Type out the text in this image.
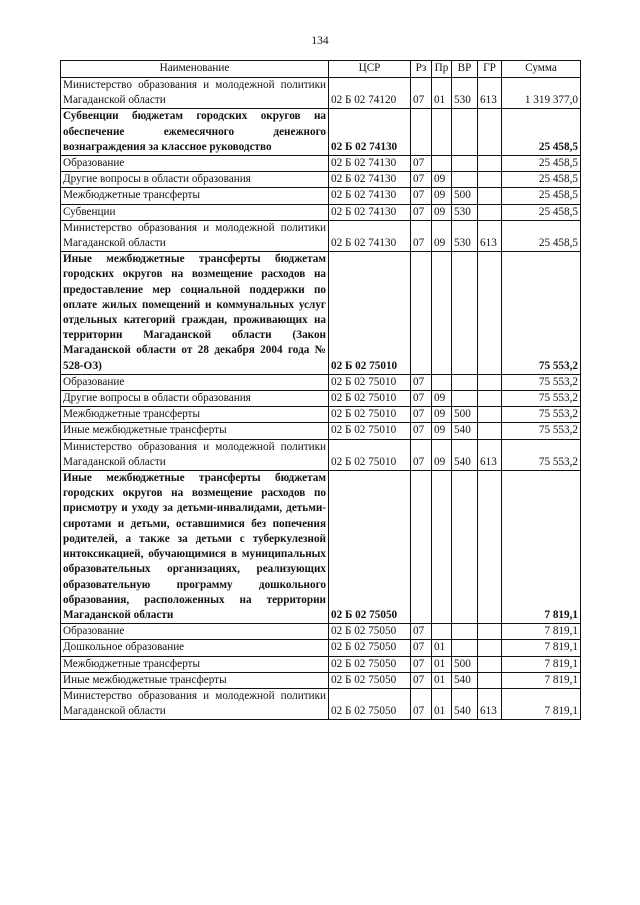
134
Наименование	ЦСР	Рз	Пр	ВР	ГР	Сумма
Министерство образования и молодежной политики Магаданской области	02 Б 02 74120	07	01	530	613	1 319 377,0
Субвенции бюджетам городских округов на обеспечение ежемесячного денежного вознаграждения за классное руководство	02 Б 02 74130					25 458,5
Образование	02 Б 02 74130	07				25 458,5
Другие вопросы в области образования	02 Б 02 74130	07	09			25 458,5
Межбюджетные трансферты	02 Б 02 74130	07	09	500		25 458,5
Субвенции	02 Б 02 74130	07	09	530		25 458,5
Министерство образования и молодежной политики Магаданской области	02 Б 02 74130	07	09	530	613	25 458,5
Иные межбюджетные трансферты бюджетам городских округов на возмещение расходов на предоставление мер социальной поддержки по оплате жилых помещений и коммунальных услуг отдельных категорий граждан, проживающих на территории Магаданской области (Закон Магаданской области от 28 декабря 2004 года № 528-ОЗ)	02 Б 02 75010					75 553,2
Образование	02 Б 02 75010	07				75 553,2
Другие вопросы в области образования	02 Б 02 75010	07	09			75 553,2
Межбюджетные трансферты	02 Б 02 75010	07	09	500		75 553,2
Иные межбюджетные трансферты	02 Б 02 75010	07	09	540		75 553,2
Министерство образования и молодежной политики Магаданской области	02 Б 02 75010	07	09	540	613	75 553,2
Иные межбюджетные трансферты бюджетам городских округов на возмещение расходов по присмотру и уходу за детьми-инвалидами, детьми-сиротами и детьми, оставшимися без попечения родителей, а также за детьми с туберкулезной интоксикацией, обучающимися в муниципальных образовательных организациях, реализующих образовательную программу дошкольного образования, расположенных на территории Магаданской области	02 Б 02 75050					7 819,1
Образование	02 Б 02 75050	07				7 819,1
Дошкольное образование	02 Б 02 75050	07	01			7 819,1
Межбюджетные трансферты	02 Б 02 75050	07	01	500		7 819,1
Иные межбюджетные трансферты	02 Б 02 75050	07	01	540		7 819,1
Министерство образования и молодежной политики Магаданской области	02 Б 02 75050	07	01	540	613	7 819,1
